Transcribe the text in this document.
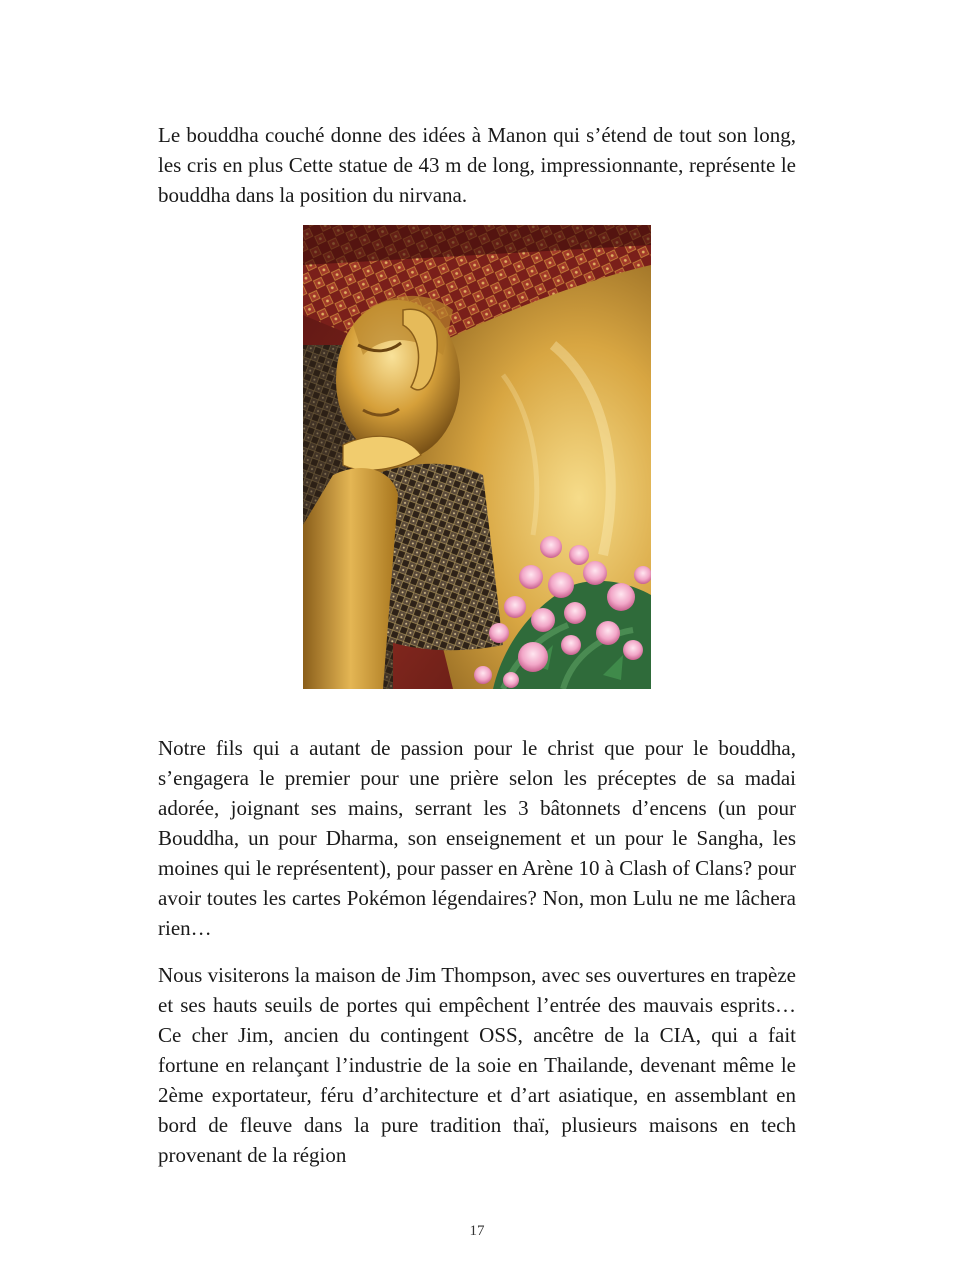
Le bouddha couché donne des idées à Manon qui s’étend de tout son long, les cris en plus Cette statue de 43 m de long, impressionnante, représente le bouddha dans la position du nirvana.

Notre fils qui a autant de passion pour le christ que pour le bouddha, s’engagera le premier pour une prière selon les préceptes de sa madai adorée, joignant ses mains, serrant les 3 bâtonnets d’encens (un pour Bouddha, un pour Dharma, son enseignement et un pour le Sangha, les moines qui le représentent), pour passer en Arène 10 à Clash of Clans? pour avoir toutes les cartes Pokémon légendaires? Non, mon Lulu ne me lâchera rien…

Nous visiterons la maison de Jim Thompson, avec ses ouvertures en trapèze et ses hauts seuils de portes qui empêchent l’entrée des mauvais esprits…Ce cher Jim, ancien du contingent OSS, ancêtre de la CIA, qui a fait fortune en relançant l’industrie de la soie en Thailande, devenant même le 2ème exportateur, féru d’architecture et d’art asiatique, en assemblant en bord de fleuve dans la pure tradition thaï, plusieurs maisons en tech provenant de la région

17
